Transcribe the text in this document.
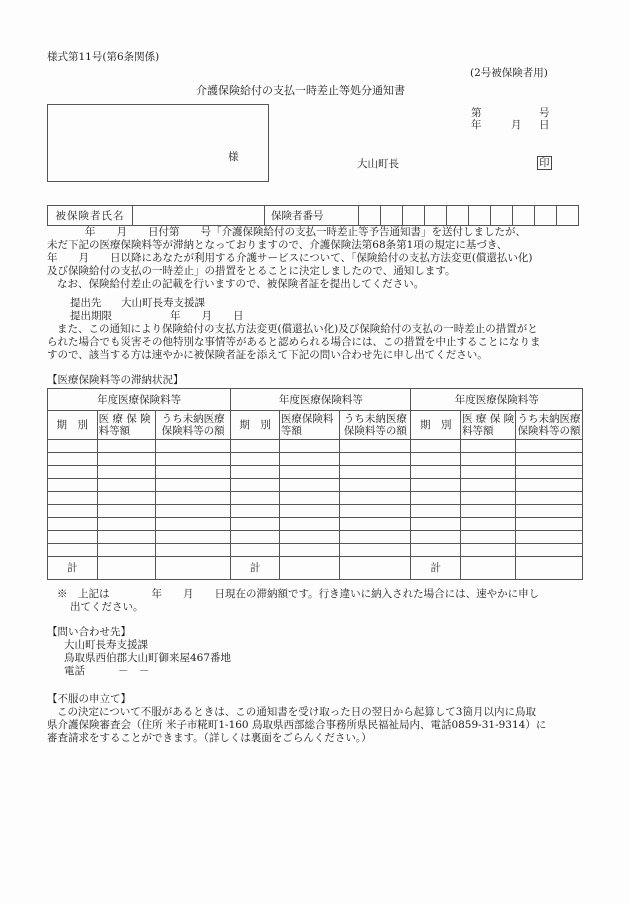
様式第11号(第6条関係)
(2号被保険者用)
介護保険給付の支払一時差止等処分通知書
様
第	号
年	月 日
大山町長	印
被保険者氏名		保険者番号										
年　　月　　日付第　　号「介護保険給付の支払一時差止等予告通知書」を送付しましたが、
未だ下記の医療保険料等が滞納となっておりますので、介護保険法第68条第1項の規定に基づき、
年　　月　　日以降にあなたが利用する介護サービスについて、「保険給付の支払方法変更(償還払い化)
及び保険給付の支払の一時差止」の措置をとることに決定しましたので、通知します。
なお、保険給付差止の記載を行いますので、被保険者証を提出してください。
提出先 大山町長寿支援課
提出期限	年　　月　　日
また、この通知により保険給付の支払方法変更(償還払い化)及び保険給付の支払の一時差止の措置がと
られた場合でも災害その他特別な事情等があると認められる場合には、この措置を中止することになりま
すので、該当する方は速やかに被保険者証を添えて下記の問い合わせ先に申し出てください。
【医療保険料等の滞納状況】
年度医療保険料等			年度医療保険料等			年度医療保険料等		
期　別	医 療 保 険料等額	うち未納医療保険料等の額	期　別	医療保険料等額	うち未納医療保険料等の額	期　別	医 療 保 険料等額	うち未納医療保険料等の額

計			計			計		
※　上記は　　　　年　　月　　日現在の滞納額です。行き違いに納入された場合には、速やかに申し
出てください。
【問い合わせ先】
大山町長寿支援課
鳥取県西伯郡大山町御来屋467番地
電話	－　－
【不服の申立て】
この決定について不服があるときは、この通知書を受け取った日の翌日から起算して3箇月以内に鳥取
県介護保険審査会（住所 米子市糀町1-160 鳥取県西部総合事務所県民福祉局内、電話0859-31-9314）に
審査請求をすることができます。（詳しくは裏面をごらんください。）
